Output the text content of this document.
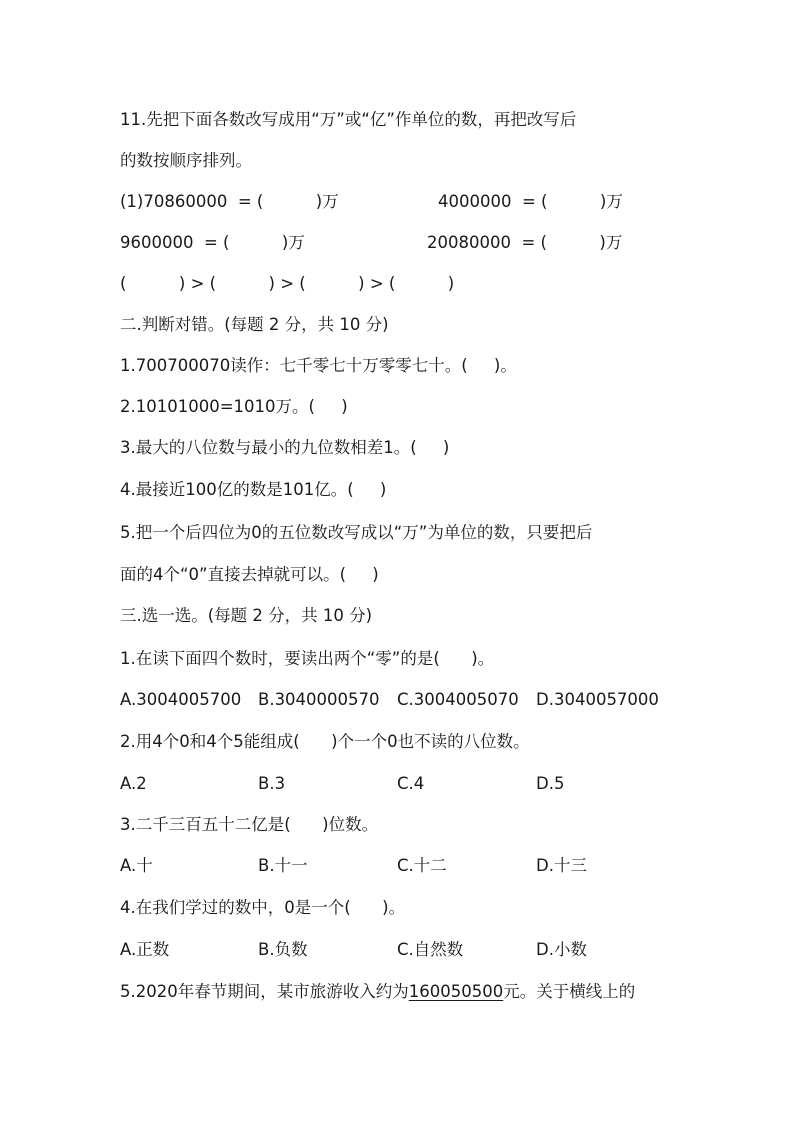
11.先把下面各数改写成用“万”或“亿”作单位的数，再把改写后

的数按顺序排列。

(1)70860000  = (          )万	4000000  = (          )万

9600000  = (          )万	20080000  = (          )万

(          ) > (          ) > (          ) > (          )

二.判断对错。(每题 2 分，共 10 分)

1.700700070读作：七千零七十万零零七十。(     )。

2.10101000=1010万。(     )

3.最大的八位数与最小的九位数相差1。(     )

4.最接近100亿的数是101亿。(     )

5.把一个后四位为0的五位数改写成以“万”为单位的数，只要把后

面的4个“0”直接去掉就可以。(     )

三.选一选。(每题 2 分，共 10 分)

1.在读下面四个数时，要读出两个“零”的是(      )。

A.3004005700 B.3040000570 C.3004005070 D.3040057000

2.用4个0和4个5能组成(      )个一个0也不读的八位数。

A.2	B.3	C.4	D.5

3.二千三百五十二亿是(      )位数。

A.十	B.十一	C.十二	D.十三

4.在我们学过的数中，0是一个(      )。

A.正数	B.负数	C.自然数	D.小数

5.2020年春节期间，某市旅游收入约为160050500元。关于横线上的
